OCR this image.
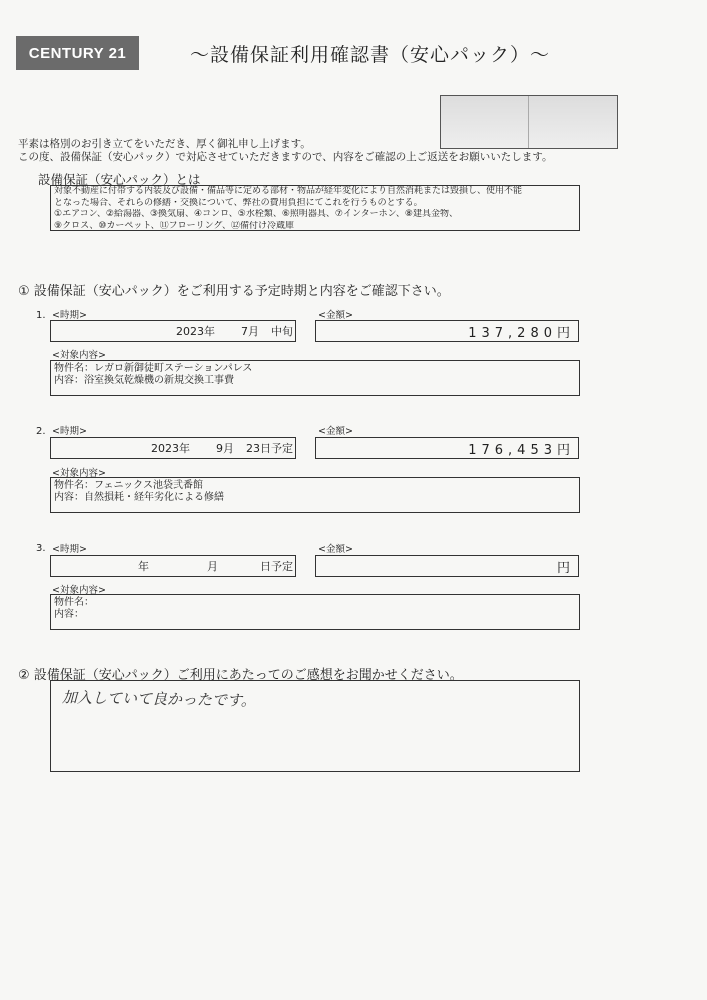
CENTURY 21	〜設備保証利用確認書（安心パック）〜
平素は格別のお引き立てをいただき、厚く御礼申し上げます。
この度、設備保証（安心パック）で対応させていただきますので、内容をご確認の上ご返送をお願いいたします。
設備保証（安心パック）とは
対象不動産に付帯する内装及び設備・備品等に定める部材・物品が経年変化により自然消耗または毀損し、使用不能
となった場合、それらの修繕・交換について、弊社の費用負担にてこれを行うものとする。
①エアコン、②給湯器、③換気扇、④コンロ、⑤水栓類、⑥照明器具、⑦インターホン、⑧建具金物、
⑨クロス、⑩カーペット、⑪フローリング、⑫備付け冷蔵庫
① 設備保証（安心パック）をご利用する予定時期と内容をご確認下さい。
1. <時期>	<金額>
2023年 7月 中旬	137,280円
<対象内容>
物件名：レガロ新御徒町ステーションパレス
内容：浴室換気乾燥機の新規交換工事費
2. <時期>	<金額>
2023年 9月 23日予定	176,453円
<対象内容>
物件名：フェニックス池袋弐番館
内容：自然損耗・経年劣化による修繕
3. <時期>	<金額>
年	月	日予定	円
<対象内容>
物件名：
内容：
② 設備保証（安心パック）ご利用にあたってのご感想をお聞かせください。
加入していて良かったです。
